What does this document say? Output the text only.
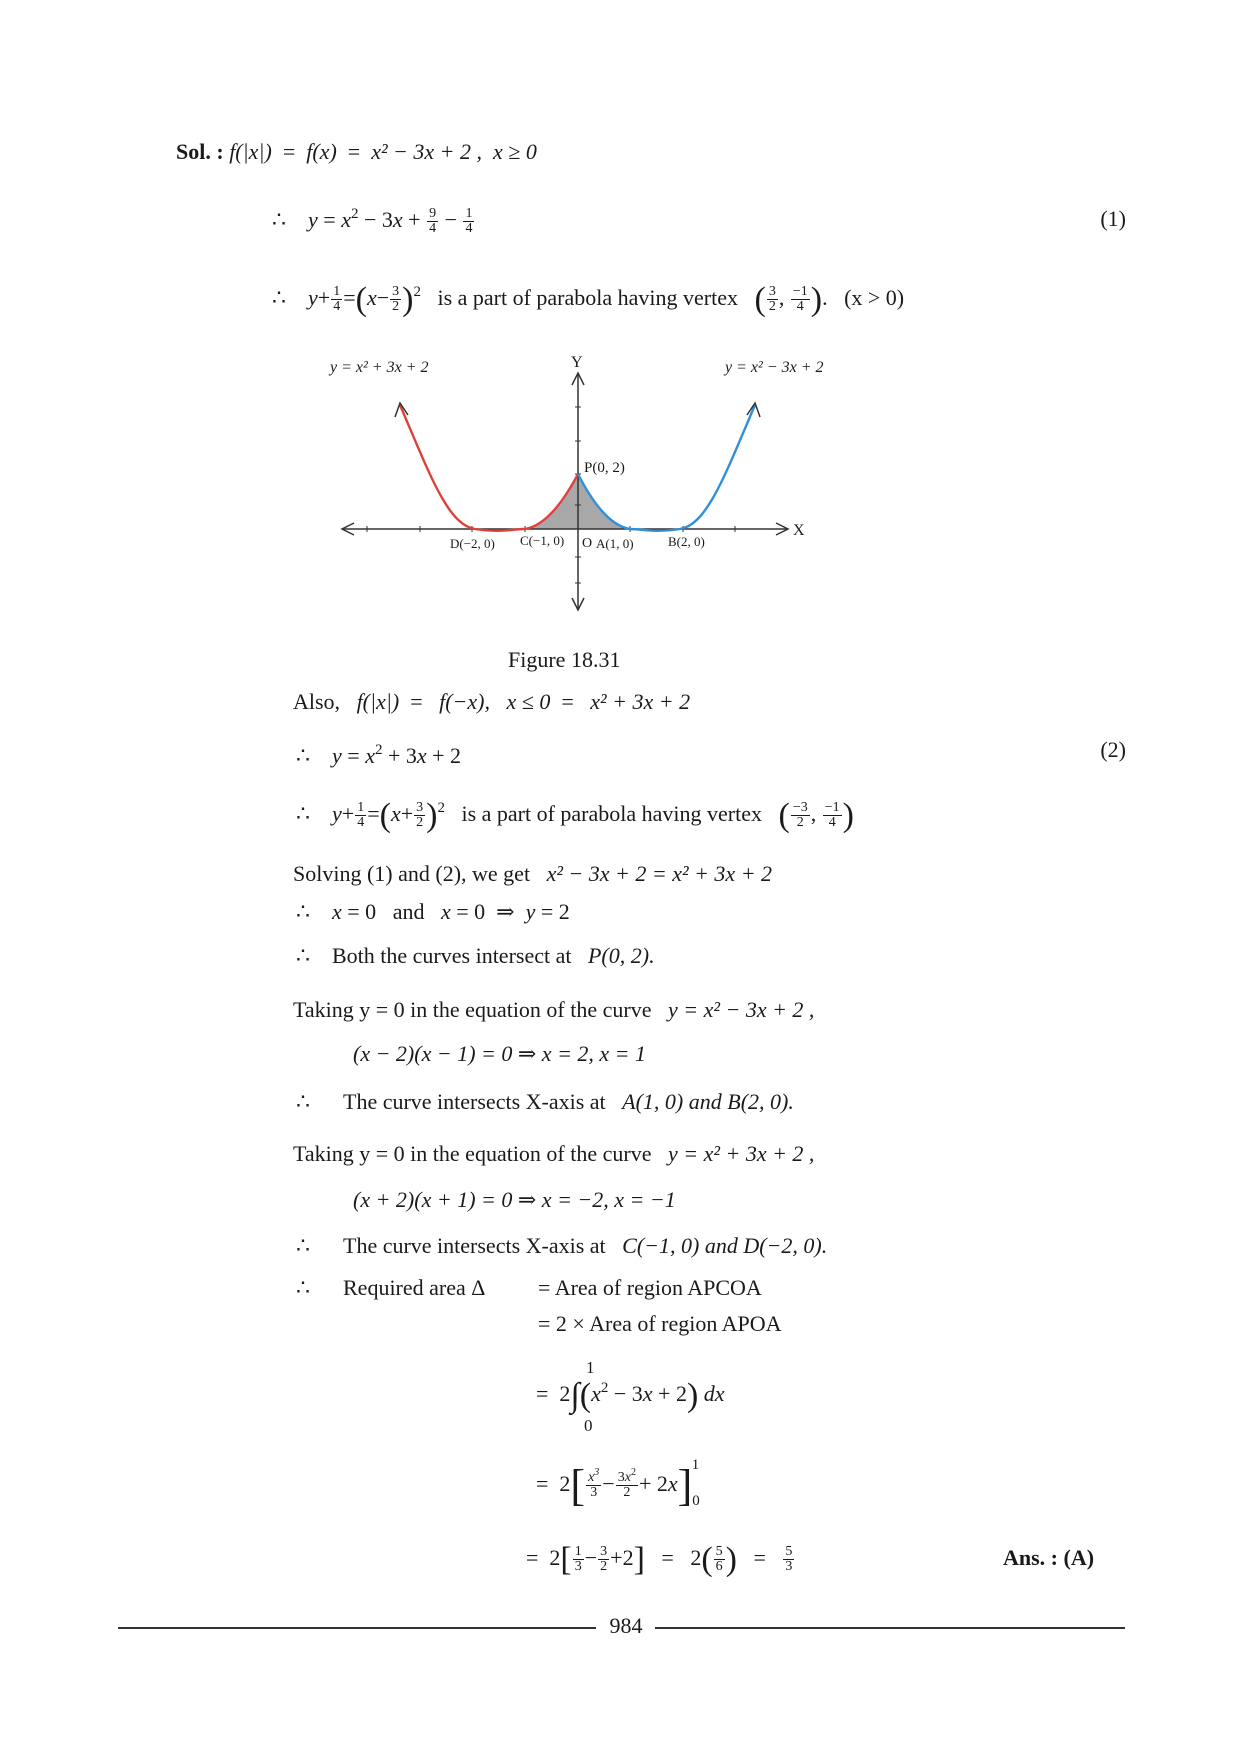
Sol. : f(|x|) = f(x)  =  x² − 3x + 2 , x ≥ 0
∴    $y = x^2 - 3x + \frac{9}{4} - \frac{1}{4}$	(1)
∴    $y+ \frac{1}{4} =(x- \frac{3}{2} )^2$ is a part of parabola having vertex ( $\frac{3}{2}$ , $\frac{-1}{4}$ ).   (x > 0)
y = x² + 3x + 2	y = x² − 3x + 2
Y
X
P(0, 2)
D(−2, 0) C(−1, 0) O A(1, 0)	B(2, 0)
Figure 18.31
Also, f(|x|)  =   f(−x), x ≤ 0  =   x² + 3x + 2
∴    $y = x^2 + 3x + 2$	(2)
∴    $y+ \frac{1}{4} =(x+ \frac{3}{2} )^2$ is a part of parabola having vertex ( $\frac{-3}{2}$ , $\frac{-1}{4}$ )
Solving (1) and (2), we get x² − 3x + 2 = x² + 3x + 2
∴    x = 0   and x = 0  ⇒  y = 2
∴    Both the curves intersect at P(0, 2).
Taking y = 0 in the equation of the curve y = x² − 3x + 2 ,
(x − 2)(x − 1) = 0 ⇒ x = 2, x = 1
∴      The curve intersects X-axis at A(1, 0) and B(2, 0).
Taking y = 0 in the equation of the curve y = x² + 3x + 2 ,
(x + 2)(x + 1) = 0 ⇒ x = −2, x = −1
∴      The curve intersects X-axis at C(−1, 0) and D(−2, 0).
∴      Required area Δ = Area of region APCOA
= 2 × Area of region APOA
1
=  $2\int(x^2 - 3x + 2)$ dx
0
=  $2[ \frac{x^3}{3} - \frac{3x^2}{2} + 2x]_0^1$
=  $2[ \frac{1}{3} - \frac{3}{2} +2] = 2( \frac{5}{6}$ )   = $\frac{5}{3}$	Ans. : (A)
984
